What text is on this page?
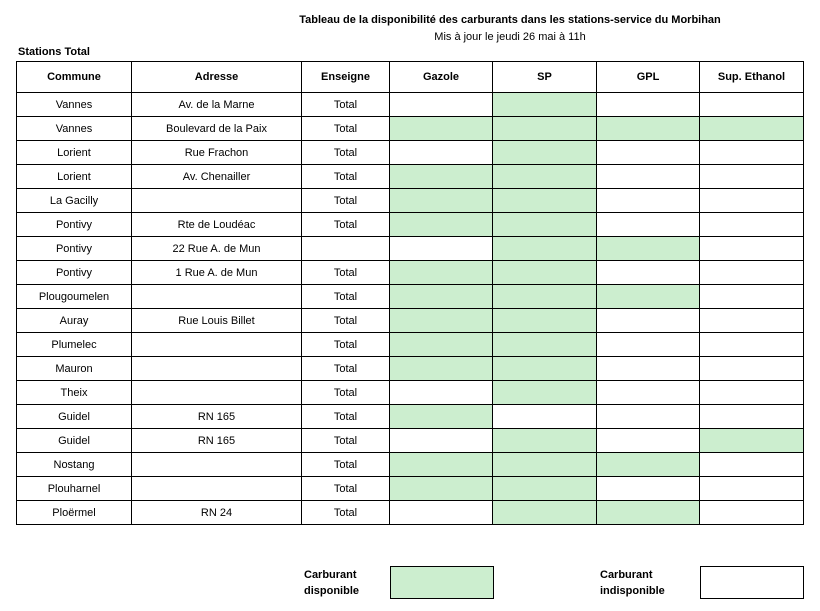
Tableau de la disponibilité des carburants dans les stations-service du Morbihan
Mis à jour le jeudi 26 mai à 11h
Stations Total
Commune	Adresse	Enseigne	Gazole	SP	GPL	Sup. Ethanol
Vannes	Av. de la Marne	Total				
Vannes	Boulevard de la Paix	Total				
Lorient	Rue Frachon	Total				
Lorient	Av. Chenailler	Total				
La Gacilly		Total				
Pontivy	Rte de Loudéac	Total				
Pontivy	22 Rue A. de Mun					
Pontivy	1 Rue A. de Mun	Total				
Plougoumelen		Total				
Auray	Rue Louis Billet	Total				
Plumelec		Total				
Mauron		Total				
Theix		Total				
Guidel	RN 165	Total				
Guidel	RN 165	Total				
Nostang		Total				
Plouharnel		Total				
Ploërmel	RN 24	Total				
Carburant
disponible
Carburant
indisponible
